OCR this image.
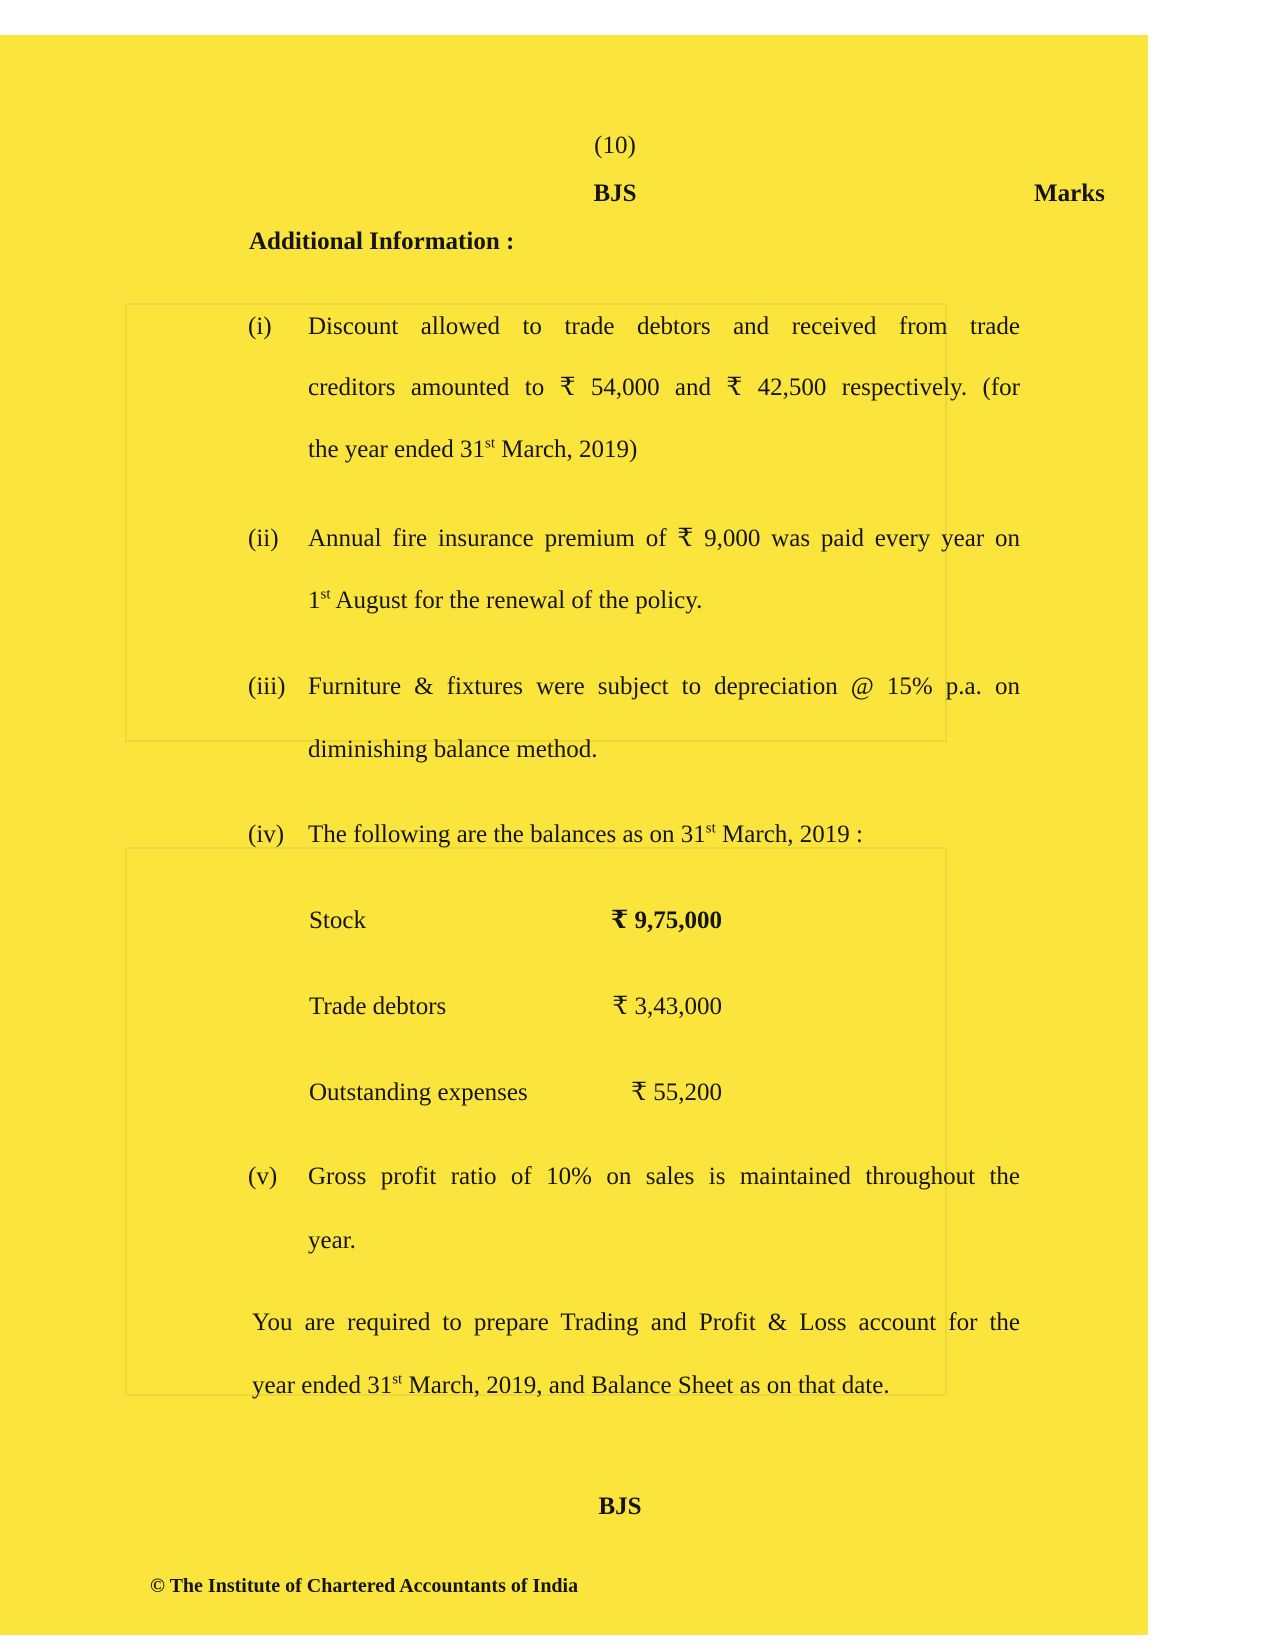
(10)
BJS	Marks
Additional Information :
(i) Discount allowed to trade debtors and received from trade
creditors amounted to ₹ 54,000 and ₹ 42,500 respectively. (for
the year ended 31st March, 2019)
(ii) Annual fire insurance premium of ₹ 9,000 was paid every year on
1st August for the renewal of the policy.
(iii) Furniture & fixtures were subject to depreciation @ 15% p.a. on
diminishing balance method.
(iv) The following are the balances as on 31st March, 2019 :
Stock	₹ 9,75,000
Trade debtors	₹ 3,43,000
Outstanding expenses	₹ 55,200
(v) Gross profit ratio of 10% on sales is maintained throughout the
year.
You are required to prepare Trading and Profit & Loss account for the
year ended 31st March, 2019, and Balance Sheet as on that date.
BJS
© The Institute of Chartered Accountants of India
